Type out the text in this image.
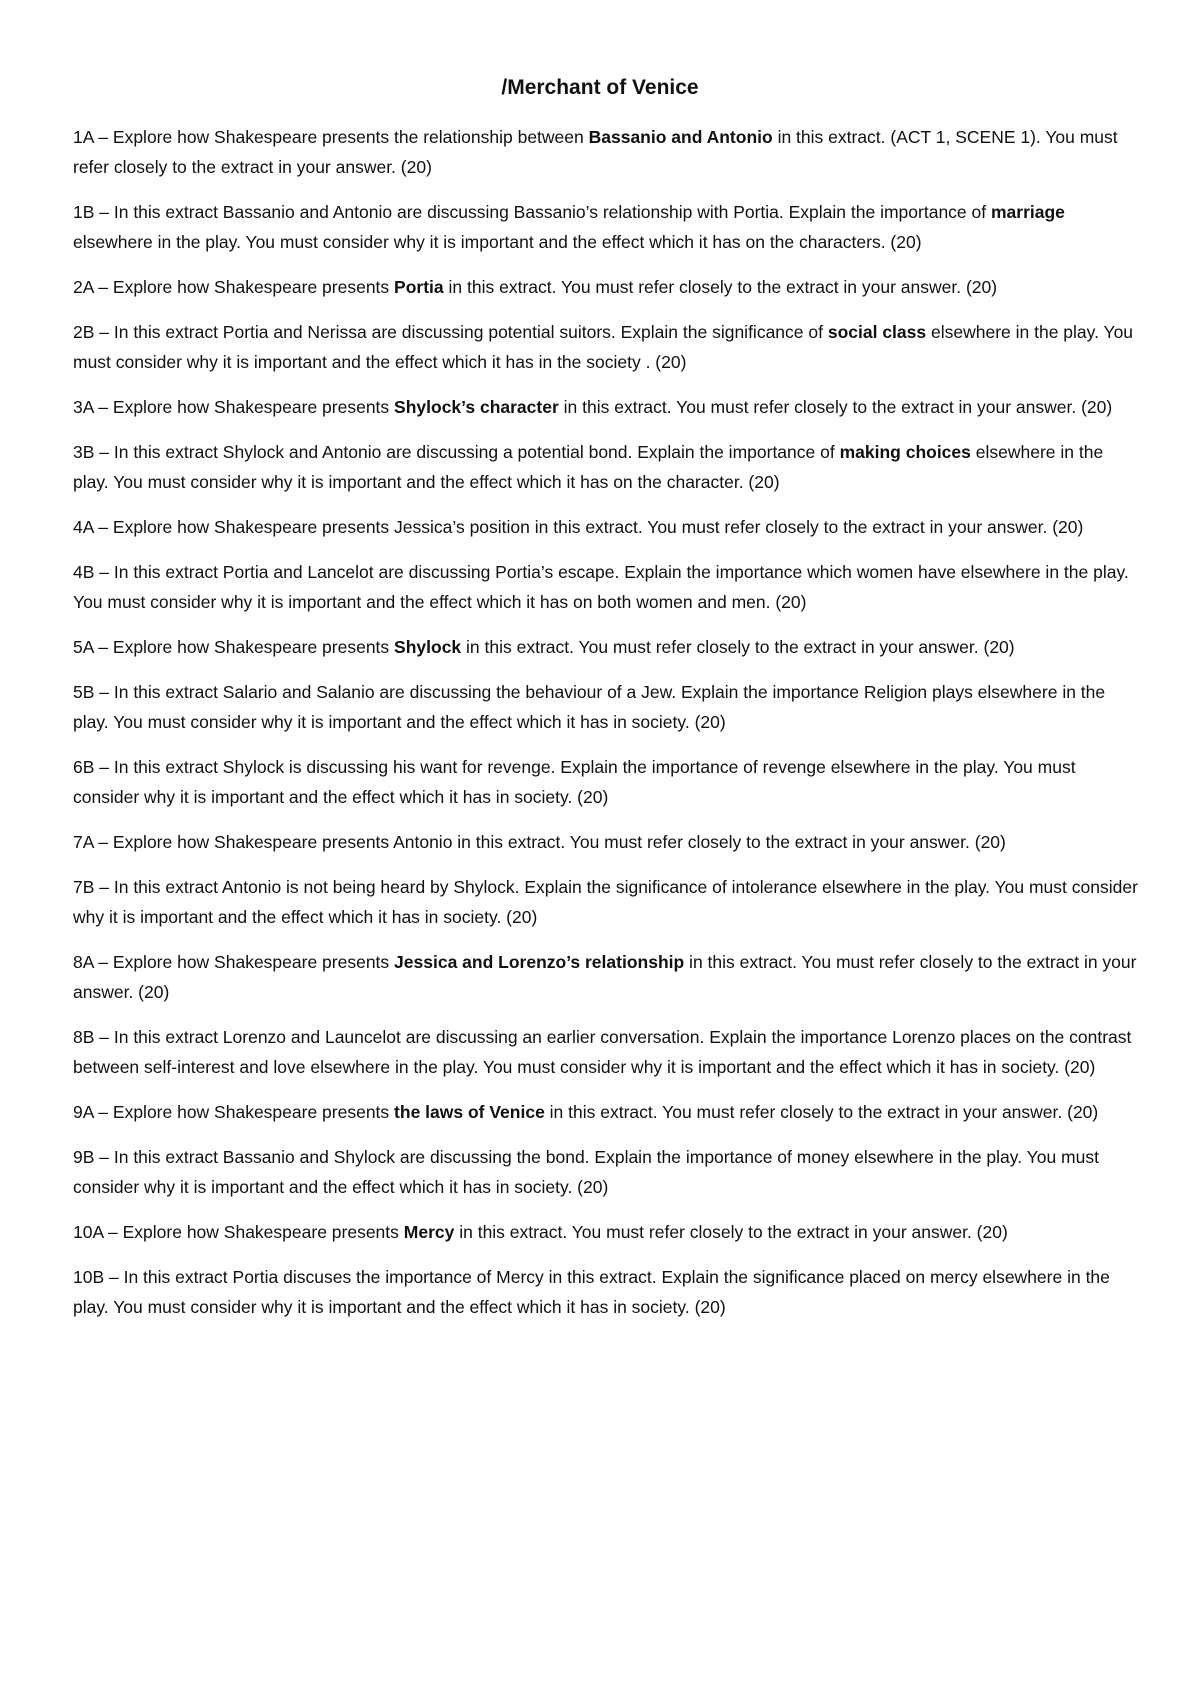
/Merchant of Venice

1A – Explore how Shakespeare presents the relationship between Bassanio and Antonio in this extract. (ACT 1, SCENE 1). You must refer closely to the extract in your answer. (20)

1B – In this extract Bassanio and Antonio are discussing Bassanio’s relationship with Portia. Explain the importance of marriage elsewhere in the play. You must consider why it is important and the effect which it has on the characters. (20)

2A – Explore how Shakespeare presents Portia in this extract. You must refer closely to the extract in your answer. (20)

2B – In this extract Portia and Nerissa are discussing potential suitors. Explain the significance of social class elsewhere in the play. You must consider why it is important and the effect which it has in the society . (20)

3A – Explore how Shakespeare presents Shylock’s character in this extract. You must refer closely to the extract in your answer. (20)

3B – In this extract Shylock and Antonio are discussing a potential bond. Explain the importance of making choices elsewhere in the play. You must consider why it is important and the effect which it has on the character. (20)

4A – Explore how Shakespeare presents Jessica’s position in this extract. You must refer closely to the extract in your answer. (20)

4B – In this extract Portia and Lancelot are discussing Portia’s escape. Explain the importance which women have elsewhere in the play. You must consider why it is important and the effect which it has on both women and men. (20)

5A – Explore how Shakespeare presents Shylock in this extract. You must refer closely to the extract in your answer. (20)

5B – In this extract Salario and Salanio are discussing the behaviour of a Jew. Explain the importance Religion plays elsewhere in the play. You must consider why it is important and the effect which it has in society. (20)

6B – In this extract Shylock is discussing his want for revenge. Explain the importance of revenge elsewhere in the play. You must consider why it is important and the effect which it has in society. (20)

7A – Explore how Shakespeare presents Antonio in this extract. You must refer closely to the extract in your answer. (20)

7B – In this extract Antonio is not being heard by Shylock. Explain the significance of intolerance elsewhere in the play. You must consider why it is important and the effect which it has in society. (20)

8A – Explore how Shakespeare presents Jessica and Lorenzo’s relationship in this extract. You must refer closely to the extract in your answer. (20)

8B – In this extract Lorenzo and Launcelot are discussing an earlier conversation. Explain the importance Lorenzo places on the contrast between self-interest and love elsewhere in the play. You must consider why it is important and the effect which it has in society. (20)

9A – Explore how Shakespeare presents the laws of Venice in this extract. You must refer closely to the extract in your answer. (20)

9B – In this extract Bassanio and Shylock are discussing the bond. Explain the importance of money elsewhere in the play. You must consider why it is important and the effect which it has in society. (20)

10A – Explore how Shakespeare presents Mercy in this extract. You must refer closely to the extract in your answer. (20)

10B – In this extract Portia discuses the importance of Mercy in this extract. Explain the significance placed on mercy elsewhere in the play. You must consider why it is important and the effect which it has in society. (20)
